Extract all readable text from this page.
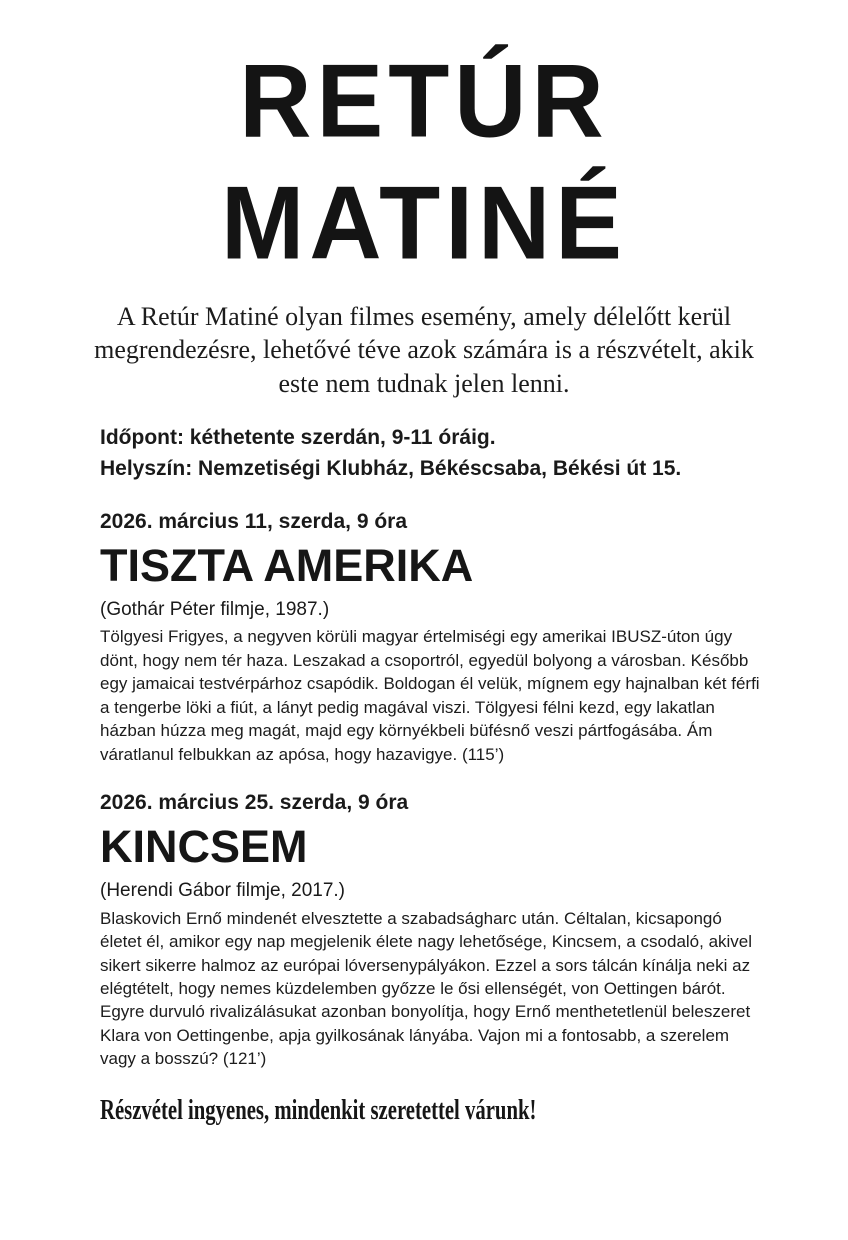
RETÚR
MATINÉ

A Retúr Matiné olyan filmes esemény, amely délelőtt kerül megrendezésre, lehetővé téve azok számára is a részvételt, akik este nem tudnak jelen lenni.

Időpont: kéthetente szerdán, 9-11 óráig.

Helyszín: Nemzetiségi Klubház, Békéscsaba, Békési út 15.

2026. március 11, szerda, 9 óra
TISZTA AMERIKA

(Gothár Péter filmje, 1987.)

Tölgyesi Frigyes, a negyven körüli magyar értelmiségi egy amerikai IBUSZ-úton úgy dönt, hogy nem tér haza. Leszakad a csoportról, egyedül bolyong a városban. Később egy jamaicai testvérpárhoz csapódik. Boldogan él velük, mígnem egy hajnalban két férfi a tengerbe löki a fiút, a lányt pedig magával viszi. Tölgyesi félni kezd, egy lakatlan házban húzza meg magát, majd egy környékbeli büfésnő veszi pártfogásába. Ám váratlanul felbukkan az apósa, hogy hazavigye. (115’)

2026. március 25. szerda, 9 óra
KINCSEM

(Herendi Gábor filmje, 2017.)

Blaskovich Ernő mindenét elvesztette a szabadságharc után. Céltalan, kicsapongó életet él, amikor egy nap megjelenik élete nagy lehetősége, Kincsem, a csodaló, akivel sikert sikerre halmoz az európai lóversenypályákon. Ezzel a sors tálcán kínálja neki az elégtételt, hogy nemes küzdelemben győzze le ősi ellenségét, von Oettingen bárót. Egyre durvuló rivalizálásukat azonban bonyolítja, hogy Ernő menthetetlenül beleszeret Klara von Oettingenbe, apja gyilkosának lányába. Vajon mi a fontosabb, a szerelem vagy a bosszú? (121’)

Részvétel ingyenes, mindenkit szeretettel várunk!
